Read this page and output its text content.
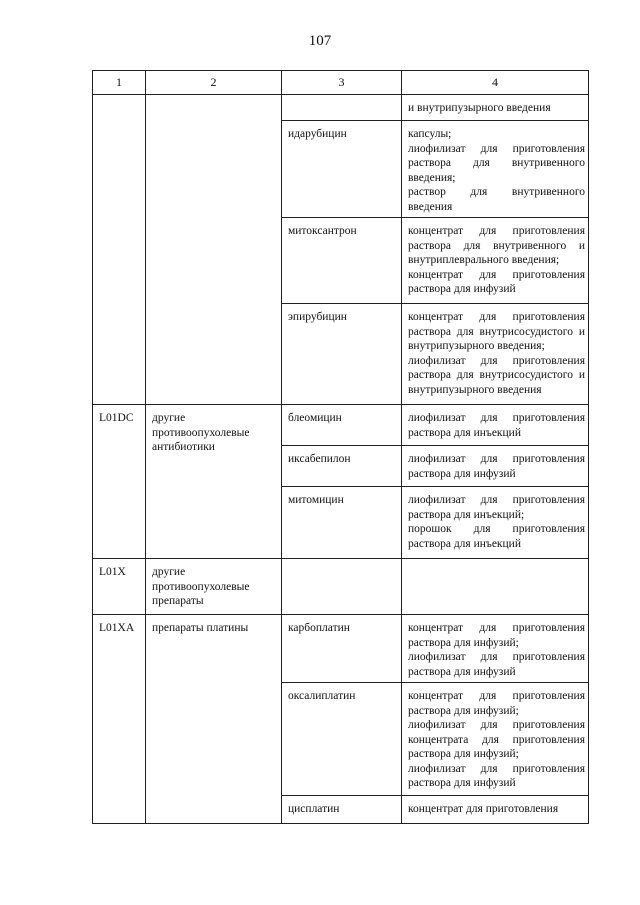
107
1	2	3	4

			и внутрипузырного введения

		идарубицин	капсулы;
лиофилизат для приготовления раствора для внутривенного введения;
раствор для внутривенного введения

		митоксантрон	концентрат для приготовления раствора для внутривенного и внутриплеврального введения;
концентрат для приготовления раствора для инфузий

		эпирубицин	концентрат для приготовления раствора для внутрисосудистого и внутрипузырного введения;
лиофилизат для приготовления раствора для внутрисосудистого и внутрипузырного введения

L01DC	другие противоопухолевые антибиотики	блеомицин	лиофилизат для приготовления раствора для инъекций

		иксабепилон	лиофилизат для приготовления раствора для инфузий

		митомицин	лиофилизат для приготовления раствора для инъекций;
порошок для приготовления раствора для инъекций

L01X	другие противоопухолевые препараты		
L01XA	препараты платины	карбоплатин	концентрат для приготовления раствора для инфузий;
лиофилизат для приготовления раствора для инфузий

		оксалиплатин	концентрат для приготовления раствора для инфузий;
лиофилизат для приготовления концентрата для приготовления раствора для инфузий;
лиофилизат для приготовления раствора для инфузий

		цисплатин	концентрат для приготовления
